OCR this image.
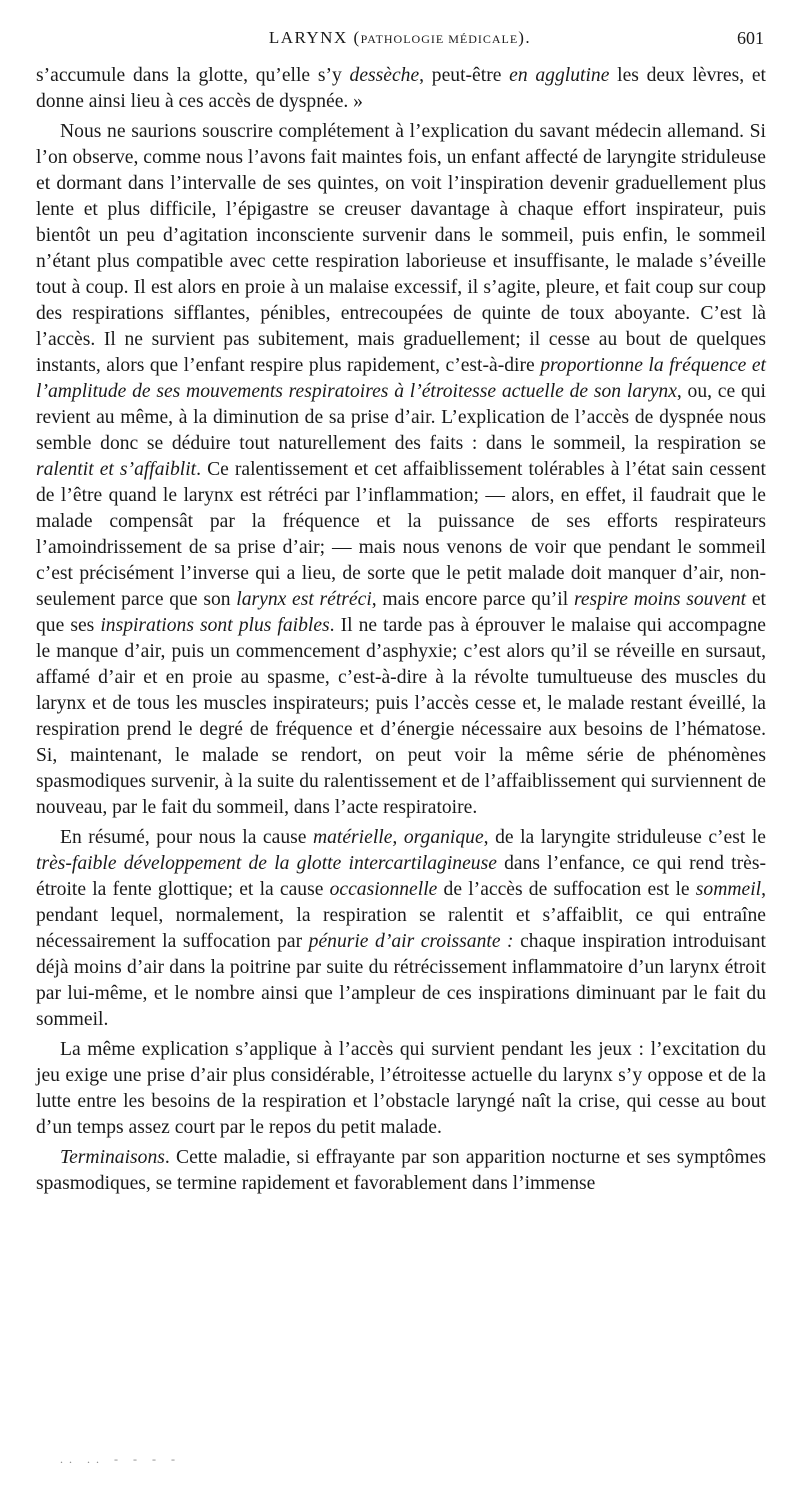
LARYNX (PATHOLOGIE MÉDICALE).	601

s’accumule dans la glotte, qu’elle s’y dessèche, peut-être en agglutine les deux lèvres, et donne ainsi lieu à ces accès de dyspnée. »

Nous ne saurions souscrire complétement à l’explication du savant médecin allemand. Si l’on observe, comme nous l’avons fait maintes fois, un enfant affecté de laryngite striduleuse et dormant dans l’intervalle de ses quintes, on voit l’inspiration devenir graduellement plus lente et plus difficile, l’épigastre se creuser davantage à chaque effort inspirateur, puis bientôt un peu d’agitation inconsciente survenir dans le sommeil, puis enfin, le sommeil n’étant plus compatible avec cette respiration laborieuse et insuffisante, le malade s’éveille tout à coup. Il est alors en proie à un malaise excessif, il s’agite, pleure, et fait coup sur coup des respirations sifflantes, pénibles, entrecoupées de quinte de toux aboyante. C’est là l’accès. Il ne survient pas subitement, mais graduellement; il cesse au bout de quelques instants, alors que l’enfant respire plus rapidement, c’est-à-dire proportionne la fréquence et l’amplitude de ses mouvements respiratoires à l’étroitesse actuelle de son larynx, ou, ce qui revient au même, à la diminution de sa prise d’air. L’explication de l’accès de dyspnée nous semble donc se déduire tout naturellement des faits : dans le sommeil, la respiration se ralentit et s’affaiblit. Ce ralentissement et cet affaiblissement tolérables à l’état sain cessent de l’être quand le larynx est rétréci par l’inflammation; — alors, en effet, il faudrait que le malade compensât par la fréquence et la puissance de ses efforts respirateurs l’amoindrissement de sa prise d’air; — mais nous venons de voir que pendant le sommeil c’est précisément l’inverse qui a lieu, de sorte que le petit malade doit manquer d’air, non-seulement parce que son larynx est rétréci, mais encore parce qu’il respire moins souvent et que ses inspirations sont plus faibles. Il ne tarde pas à éprouver le malaise qui accompagne le manque d’air, puis un commencement d’asphyxie; c’est alors qu’il se réveille en sursaut, affamé d’air et en proie au spasme, c’est-à-dire à la révolte tumultueuse des muscles du larynx et de tous les muscles inspirateurs; puis l’accès cesse et, le malade restant éveillé, la respiration prend le degré de fréquence et d’énergie nécessaire aux besoins de l’hématose. Si, maintenant, le malade se rendort, on peut voir la même série de phénomènes spasmodiques survenir, à la suite du ralentissement et de l’affaiblissement qui surviennent de nouveau, par le fait du sommeil, dans l’acte respiratoire.

En résumé, pour nous la cause matérielle, organique, de la laryngite striduleuse c’est le très-faible développement de la glotte intercartilagineuse dans l’enfance, ce qui rend très-étroite la fente glottique; et la cause occasionnelle de l’accès de suffocation est le sommeil, pendant lequel, normalement, la respiration se ralentit et s’affaiblit, ce qui entraîne nécessairement la suffocation par pénurie d’air croissante : chaque inspiration introduisant déjà moins d’air dans la poitrine par suite du rétrécissement inflammatoire d’un larynx étroit par lui-même, et le nombre ainsi que l’ampleur de ces inspirations diminuant par le fait du sommeil.

La même explication s’applique à l’accès qui survient pendant les jeux : l’excitation du jeu exige une prise d’air plus considérable, l’étroitesse actuelle du larynx s’y oppose et de la lutte entre les besoins de la respiration et l’obstacle laryngé naît la crise, qui cesse au bout d’un temps assez court par le repos du petit malade.

Terminaisons. Cette maladie, si effrayante par son apparition nocturne et ses symptômes spasmodiques, se termine rapidement et favorablement dans l’immense

.. .. - - - -
